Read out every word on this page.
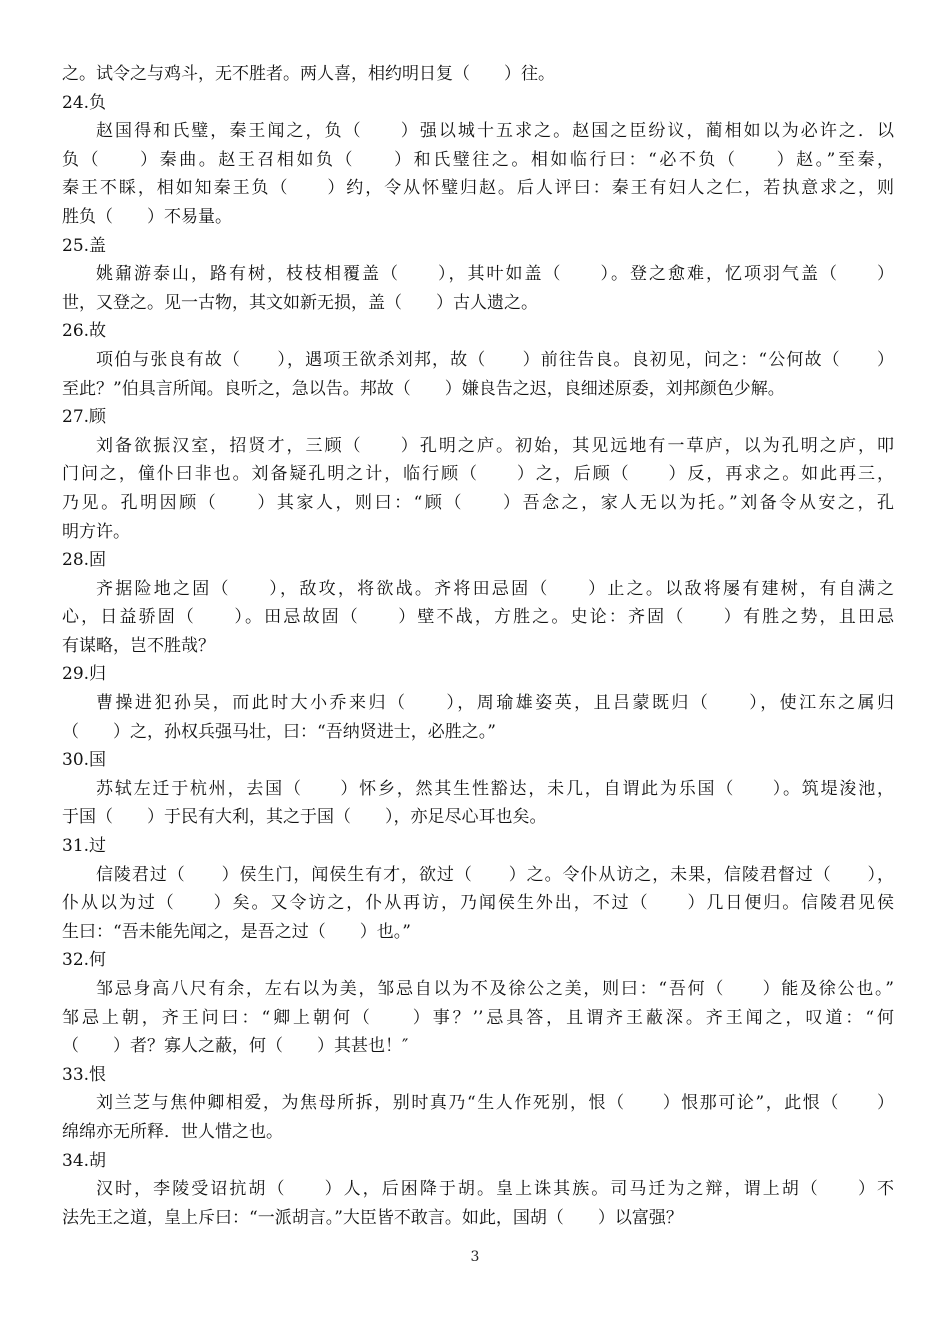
之。试令之与鸡斗，无不胜者。两人喜，相约明日复（　　）往。
24.负
赵国得和氏璧，秦王闻之，负（　　）强以城十五求之。赵国之臣纷议，蔺相如以为必许之．以
负（　　）秦曲。赵王召相如负（　　）和氏璧往之。相如临行曰：“必不负（　　）赵。”至秦，
秦王不睬，相如知秦王负（　　）约，令从怀璧归赵。后人评曰：秦王有妇人之仁，若执意求之，则
胜负（　　）不易量。
25.盖
姚鼐游泰山，路有树，枝枝相覆盖（　　），其叶如盖（　　）。登之愈难，忆项羽气盖（　　）
世，又登之。见一古物，其文如新无损，盖（　　）古人遗之。
26.故
项伯与张良有故（　　），遇项王欲杀刘邦，故（　　）前往告良。良初见，问之：“公何故（　　）
至此？”伯具言所闻。良听之，急以告。邦故（　　）嫌良告之迟，良细述原委，刘邦颜色少解。
27.顾
刘备欲振汉室，招贤才，三顾（　　）孔明之庐。初始，其见远地有一草庐，以为孔明之庐，叩
门问之，僮仆曰非也。刘备疑孔明之计，临行顾（　　）之，后顾（　　）反，再求之。如此再三，
乃见。孔明因顾（　　）其家人，则曰：“顾（　　）吾念之，家人无以为托。”刘备令从安之，孔
明方许。
28.固
齐据险地之固（　　），敌攻，将欲战。齐将田忌固（　　）止之。以敌将屡有建树，有自满之
心，日益骄固（　　）。田忌故固（　　）壁不战，方胜之。史论：齐固（　　）有胜之势，且田忌
有谋略，岂不胜哉？
29.归
曹操进犯孙吴，而此时大小乔来归（　　），周瑜雄姿英，且吕蒙既归（　　），使江东之属归
（　　）之，孙权兵强马壮，曰：“吾纳贤进士，必胜之。”
30.国
苏轼左迁于杭州，去国（　　）怀乡，然其生性豁达，未几，自谓此为乐国（　　）。筑堤浚池，
于国（　　）于民有大利，其之于国（　　），亦足尽心耳也矣。
31.过
信陵君过（　　）侯生门，闻侯生有才，欲过（　　）之。令仆从访之，未果，信陵君督过（　　），
仆从以为过（　　）矣。又令访之，仆从再访，乃闻侯生外出，不过（　　）几日便归。信陵君见侯
生曰：“吾未能先闻之，是吾之过（　　）也。”
32.何
邹忌身高八尺有余，左右以为美，邹忌自以为不及徐公之美，则曰：“吾何（　　）能及徐公也。”
邹忌上朝，齐王问曰：“卿上朝何（　　）事？’’忌具答，且谓齐王蔽深。齐王闻之，叹道：“何
（　　）者？寡人之蔽，何（　　）其甚也！″
33.恨
刘兰芝与焦仲卿相爱，为焦母所拆，别时真乃“生人作死别，恨（　　）恨那可论”，此恨（　　）
绵绵亦无所释．世人惜之也。
34.胡
汉时，李陵受诏抗胡（　　）人，后困降于胡。皇上诛其族。司马迁为之辩，谓上胡（　　）不
法先王之道，皇上斥曰：“一派胡言。”大臣皆不敢言。如此，国胡（　　）以富强？
3
